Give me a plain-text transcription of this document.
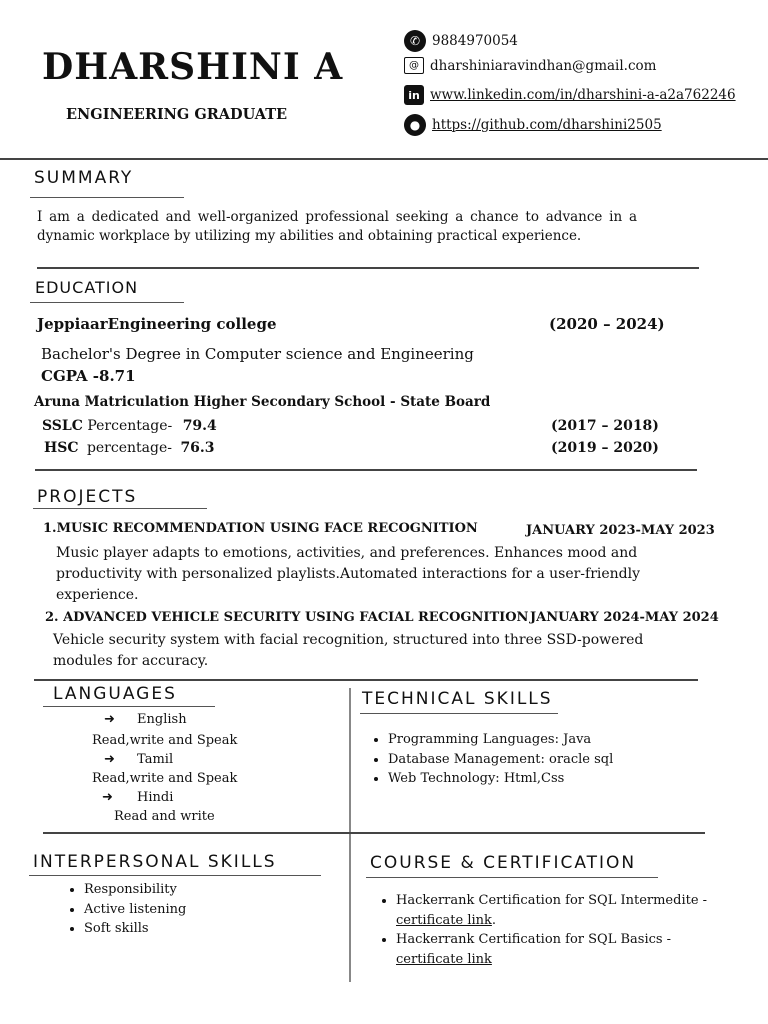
DHARSHINI A
ENGINEERING GRADUATE
✆ 9884970054
@ dharshiniaravindhan@gmail.com
in www.linkedin.com/in/dharshini-a-a2a762246
● https://github.com/dharshini2505
SUMMARY
I am a dedicated and well-organized professional seeking a chance to advance in a
dynamic workplace by utilizing my abilities and obtaining practical experience.
EDUCATION
JeppiaarEngineering college	(2020 – 2024)
Bachelor's Degree in Computer science and Engineering
CGPA -8.71
Aruna Matriculation Higher Secondary School - State Board
SSLC Percentage- 79.4	(2017 – 2018)
HSC percentage- 76.3	(2019 – 2020)
PROJECTS
1.MUSIC RECOMMENDATION USING FACE RECOGNITION	JANUARY 2023-MAY 2023
Music player adapts to emotions, activities, and preferences. Enhances mood and
productivity with personalized playlists.Automated interactions for a user-friendly
experience.
2. ADVANCED VEHICLE SECURITY USING FACIAL RECOGNITION JANUARY 2024-MAY 2024
Vehicle security system with facial recognition, structured into three SSD-powered
modules for accuracy.
LANGUAGES
➜ English
Read,write and Speak
➜ Tamil
Read,write and Speak
➜ Hindi
Read and write
TECHNICAL SKILLS
• Programming Languages: Java
• Database Management: oracle sql
• Web Technology: Html,Css
INTERPERSONAL SKILLS
• Responsibility
• Active listening
• Soft skills
COURSE & CERTIFICATION
• Hackerrank Certification for SQL Intermedite -
certificate link.
• Hackerrank Certification for SQL Basics -
certificate link
